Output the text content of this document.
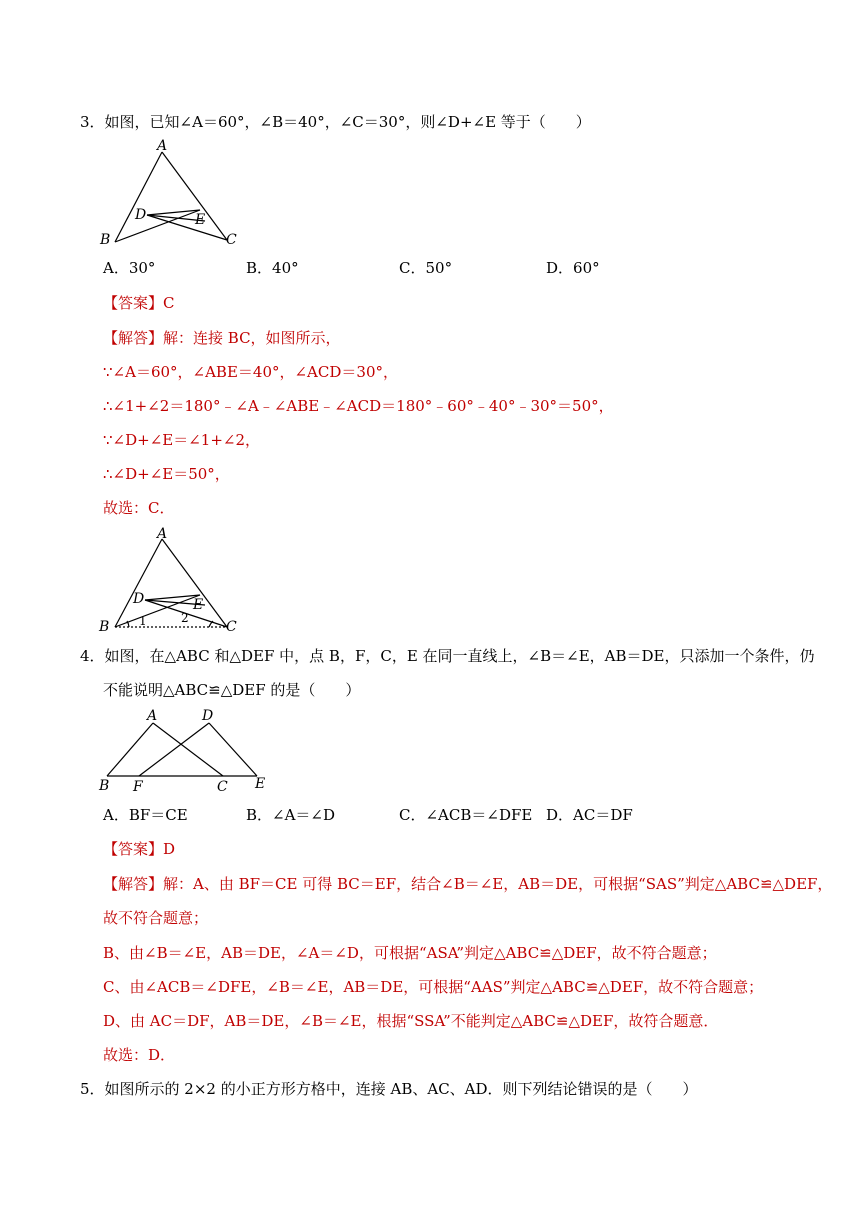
3．如图，已知∠A＝60°，∠B＝40°，∠C＝30°，则∠D+∠E 等于（　　）
A
B	C
D	E
A．30°	B．40°	C．50°	D．60°
【答案】C
【解答】解：连接 BC，如图所示，
∵∠A＝60°，∠ABE＝40°，∠ACD＝30°，
∴∠1+∠2＝180°﹣∠A﹣∠ABE﹣∠ACD＝180°﹣60°﹣40°﹣30°＝50°，
∵∠D+∠E＝∠1+∠2，
∴∠D+∠E＝50°，
故选：C．
A
B	C
D	E
1	2
4．如图，在△ABC 和△DEF 中，点 B，F，C，E 在同一直线上，∠B＝∠E，AB＝DE，只添加一个条件，仍
不能说明△ABC≌△DEF 的是（　　）
A	D
B F	C E
A．BF＝CE	B．∠A＝∠D	C．∠ACB＝∠DFE D．AC＝DF
【答案】D
【解答】解：A、由 BF＝CE 可得 BC＝EF，结合∠B＝∠E，AB＝DE，可根据“SAS”判定△ABC≌△DEF，
故不符合题意；
B、由∠B＝∠E，AB＝DE，∠A＝∠D，可根据“ASA”判定△ABC≌△DEF，故不符合题意；
C、由∠ACB＝∠DFE，∠B＝∠E，AB＝DE，可根据“AAS”判定△ABC≌△DEF，故不符合题意；
D、由 AC＝DF，AB＝DE，∠B＝∠E，根据“SSA”不能判定△ABC≌△DEF，故符合题意．
故选：D．
5．如图所示的 2×2 的小正方形方格中，连接 AB、AC、AD．则下列结论错误的是（　　）
